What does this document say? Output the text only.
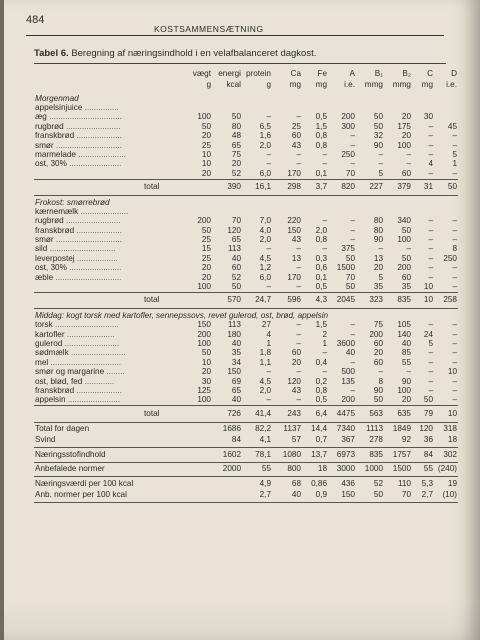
484
KOSTSAMMENSÆTNING
Tabel 6. Beregning af næringsindhold i en velafbalanceret dagkost.
	vægt	energi	protein	Ca	Fe	A	B₁	B₂	C	D
	g	kcal	g	mg	mg	i.e.	mmg	mmg	mg	i.e.
Morgenmad										
appelsinjuice ...............										
æg ................................	100	50	–	–	0,5	200	50	20	30	
rugbrød ........................	50	80	6,5	25	1,5	300	50	175	–	45
franskbrød ....................	20	48	1,6	60	0,8	–	32	20	–	–
smør .............................	25	65	2,0	43	0,8	–	90	100	–	–
marmelade .....................	10	75	–	–	–	250	–	–	–	5
ost, 30% .......................	10	20	–	–	–	–	–	–	4	1
	20	52	6,0	170	0,1	70	5	60	–	–
total		390	16,1	298	3,7	820	227	379	31	50
Frokost: smørrebrød										
kærnemælk .....................										
rugbrød ........................	200	70	7,0	220	–	–	80	340	–	–
franskbrød ....................	50	120	4,0	150	2,0	–	80	50	–	–
smør .............................	25	65	2,0	43	0,8	–	90	100	–	–
sild .............................	15	113	–	–	–	375	–	–	–	8
leverpostej ..................	25	40	4,5	13	0,3	50	13	50	–	250
ost, 30% .......................	20	60	1,2	–	0,6	1500	20	200	–	–
æble .............................	20	52	6,0	170	0,1	70	5	60	–	–
	100	50	–	–	0,5	50	35	35	10	–
total		570	24,7	596	4,3	2045	323	835	10	258
Middag: kogt torsk med kartofler, sennepssovs, revet gulerod, ost, brød, appelsin										
torsk ............................	150	113	27	–	1,5	–	75	105	–	–
kartofler .....................	200	180	4	–	2	–	200	140	24	–
gulerod ........................	100	40	1	–	1	3600	60	40	5	–
sødmælk ........................	50	35	1,8	60	–	40	20	85	–	–
mel ...............................	10	34	1,1	20	0,4	–	60	55	–	–
smør og margarine ........	20	150	–	–	–	500	–	–	–	10
ost, blød, fed .............	30	69	4,5	120	0,2	135	8	90	–	–
franskbrød ....................	125	65	2,0	43	0,8	–	90	100	–	–
appelsin .......................	100	40	–	–	0,5	200	50	20	50	–
total		726	41,4	243	6,4	4475	563	635	79	10
Total for dagen		1686	82,2	1137	14,4	7340	1113	1849	120	318
Svind		84	4,1	57	0,7	367	278	92	36	18
Næringsstofindhold		1602	78,1	1080	13,7	6973	835	1757	84	302
Anbefalede normer		2000	55	800	18	3000	1000	1500	55	(240)
Næringsværdi per 100 kcal			4,9	68	0,86	436	52	110	5,3	19
Anb. normer per 100 kcal			2,7	40	0,9	150	50	70	2,7	(10)
